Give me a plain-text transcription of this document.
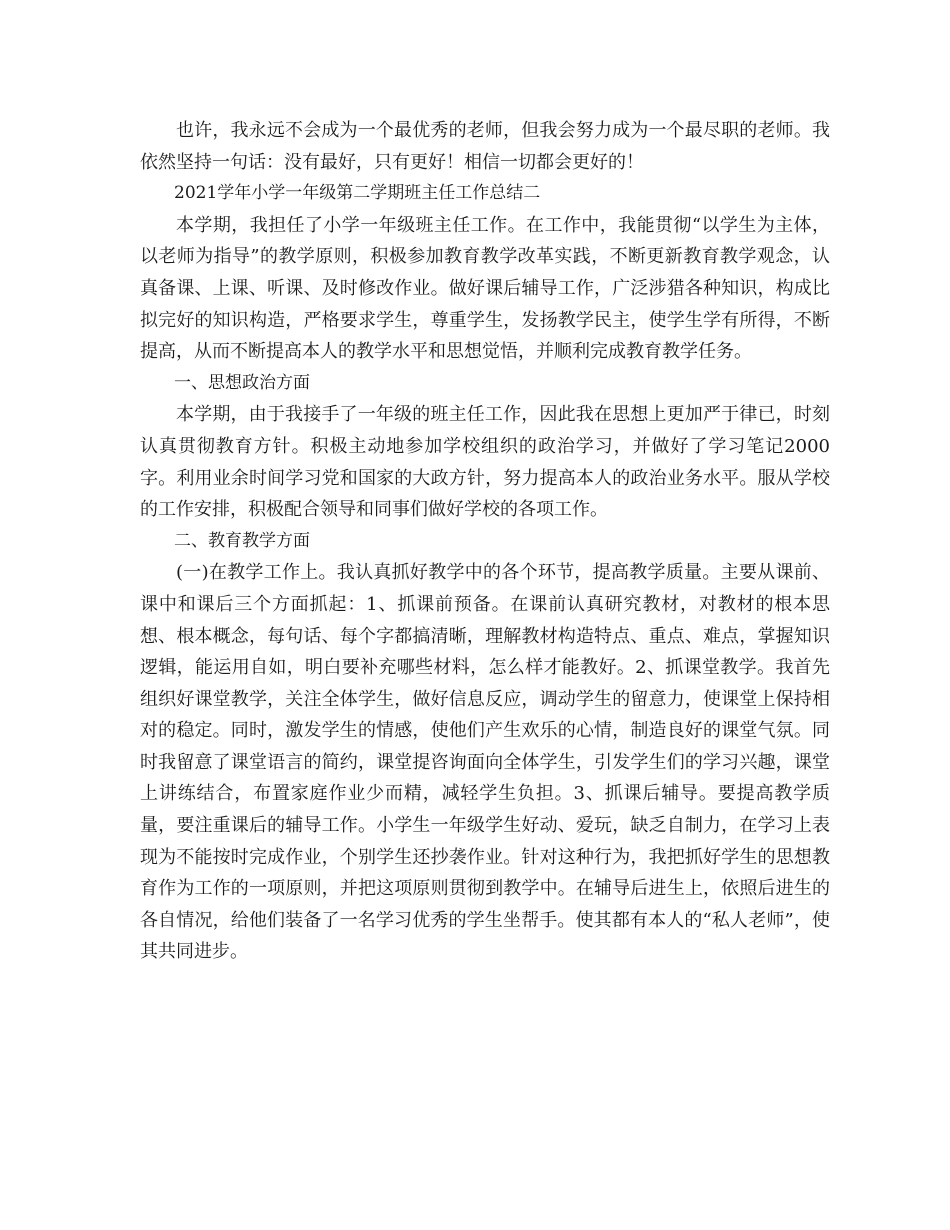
也许，我永远不会成为一个最优秀的老师，但我会努力成为一个最尽职的老师。我依然坚持一句话：没有最好，只有更好！相信一切都会更好的！

2021学年小学一年级第二学期班主任工作总结二

本学期，我担任了小学一年级班主任工作。在工作中，我能贯彻“以学生为主体，以老师为指导”的教学原则，积极参加教育教学改革实践，不断更新教育教学观念，认真备课、上课、听课、及时修改作业。做好课后辅导工作，广泛涉猎各种知识，构成比拟完好的知识构造，严格要求学生，尊重学生，发扬教学民主，使学生学有所得，不断提高，从而不断提高本人的教学水平和思想觉悟，并顺利完成教育教学任务。

一、思想政治方面

本学期，由于我接手了一年级的班主任工作，因此我在思想上更加严于律已，时刻认真贯彻教育方针。积极主动地参加学校组织的政治学习，并做好了学习笔记2000字。利用业余时间学习党和国家的大政方针，努力提高本人的政治业务水平。服从学校的工作安排，积极配合领导和同事们做好学校的各项工作。

二、教育教学方面

(一)在教学工作上。我认真抓好教学中的各个环节，提高教学质量。主要从课前、课中和课后三个方面抓起：1、抓课前预备。在课前认真研究教材，对教材的根本思想、根本概念，每句话、每个字都搞清晰，理解教材构造特点、重点、难点，掌握知识逻辑，能运用自如，明白要补充哪些材料，怎么样才能教好。2、抓课堂教学。我首先组织好课堂教学，关注全体学生，做好信息反应，调动学生的留意力，使课堂上保持相对的稳定。同时，激发学生的情感，使他们产生欢乐的心情，制造良好的课堂气氛。同时我留意了课堂语言的简约，课堂提咨询面向全体学生，引发学生们的学习兴趣，课堂上讲练结合，布置家庭作业少而精，减轻学生负担。3、抓课后辅导。要提高教学质量，要注重课后的辅导工作。小学生一年级学生好动、爱玩，缺乏自制力，在学习上表现为不能按时完成作业，个别学生还抄袭作业。针对这种行为，我把抓好学生的思想教育作为工作的一项原则，并把这项原则贯彻到教学中。在辅导后进生上，依照后进生的各自情况，给他们装备了一名学习优秀的学生坐帮手。使其都有本人的“私人老师”，使其共同进步。
